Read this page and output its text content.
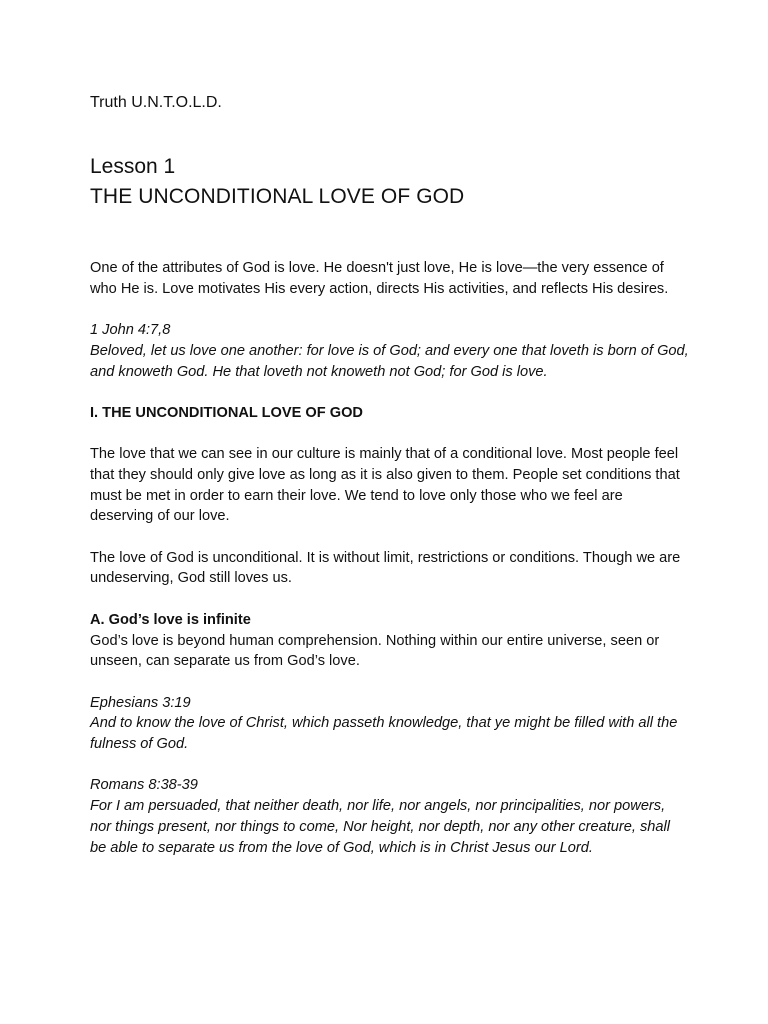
Truth U.N.T.O.L.D.
Lesson 1
THE UNCONDITIONAL LOVE OF GOD

One of the attributes of God is love. He doesn't just love, He is love—the very essence of who He is. Love motivates His every action, directs His activities, and reflects His desires.

1 John 4:7,8

Beloved, let us love one another: for love is of God; and every one that loveth is born of God, and knoweth God. He that loveth not knoweth not God; for God is love.

I. THE UNCONDITIONAL LOVE OF GOD

The love that we can see in our culture is mainly that of a conditional love. Most people feel that they should only give love as long as it is also given to them. People set conditions that must be met in order to earn their love. We tend to love only those who we feel are deserving of our love.

The love of God is unconditional. It is without limit, restrictions or conditions. Though we are undeserving, God still loves us.

A. God’s love is infinite

God’s love is beyond human comprehension. Nothing within our entire universe, seen or unseen, can separate us from God’s love.

Ephesians 3:19

And to know the love of Christ, which passeth knowledge, that ye might be filled with all the fulness of God.

Romans 8:38-39

For I am persuaded, that neither death, nor life, nor angels, nor principalities, nor powers, nor things present, nor things to come, Nor height, nor depth, nor any other creature, shall be able to separate us from the love of God, which is in Christ Jesus our Lord.
